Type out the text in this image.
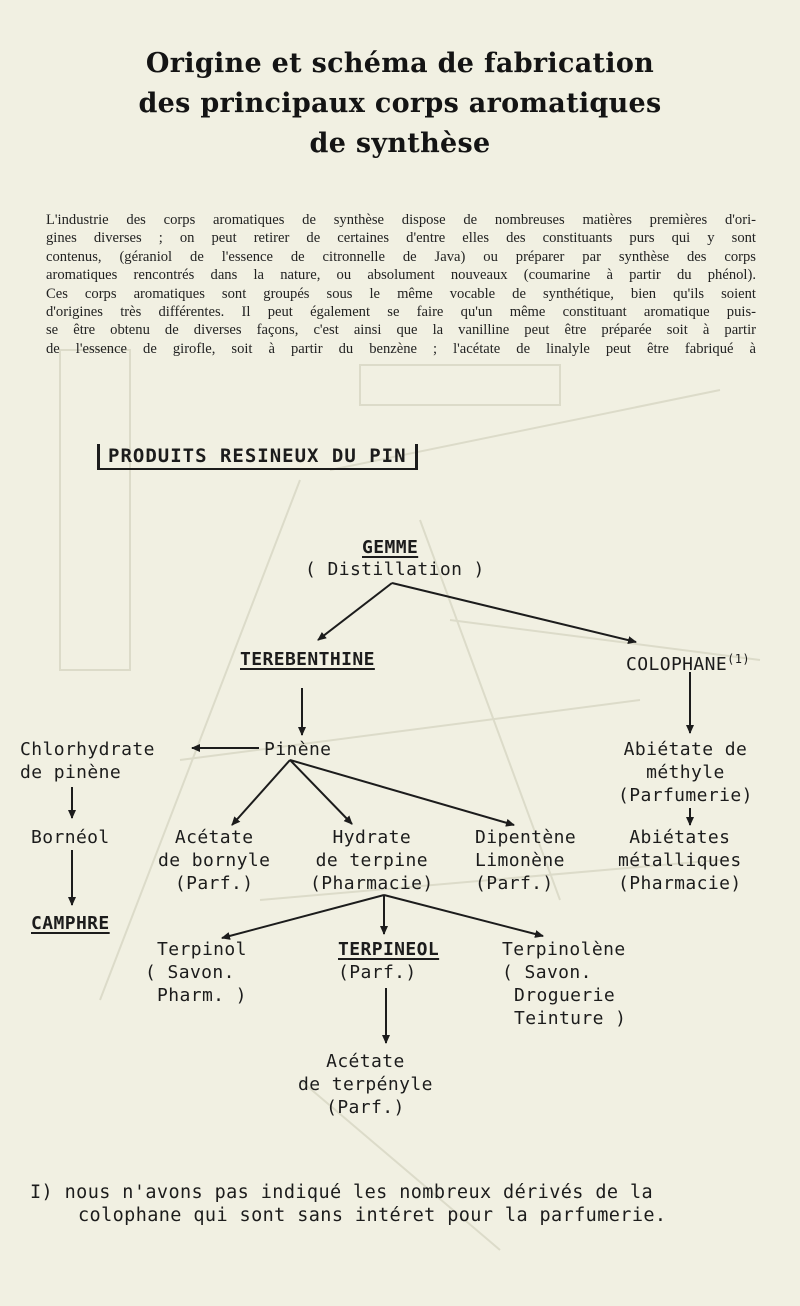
Origine et schéma de fabrication
des principaux corps aromatiques
de synthèse
L'industrie des corps aromatiques de synthèse dispose de nombreuses matières premières d'ori-
gines diverses ; on peut retirer de certaines d'entre elles des constituants purs qui y sont
contenus, (géraniol de l'essence de citronnelle de Java) ou préparer par synthèse des corps
aromatiques rencontrés dans la nature, ou absolument nouveaux (coumarine à partir du phénol).
Ces corps aromatiques sont groupés sous le même vocable de synthétique, bien qu'ils soient
d'origines très différentes. Il peut également se faire qu'un même constituant aromatique puis-
se être obtenu de diverses façons, c'est ainsi que la vanilline peut être préparée soit à partir
de l'essence de girofle, soit à partir du benzène ; l'acétate de linalyle peut être fabriqué à
PRODUITS RESINEUX DU PIN
GEMME
( Distillation )
TEREBENTHINE	COLOPHANE$^{(1)}$
Chlorhydrate
de pinène
Pinène	Abiétate de
méthyle
(Parfumerie)
Bornéol	Acétate
de bornyle
(Parf.)
Hydrate
de terpine
(Pharmacie)
Dipentène
Limonène
(Parf.)
Abiétates
métalliques
(Pharmacie)
CAMPHRE
Terpinol
( Savon.
Pharm. )
TERPINEOL
(Parf.)
Terpinolène
( Savon.
Droguerie
Teinture )
Acétate
de terpényle
(Parf.)
I) nous n'avons pas indiqué les nombreux dérivés de la
colophane qui sont sans intéret pour la parfumerie.
